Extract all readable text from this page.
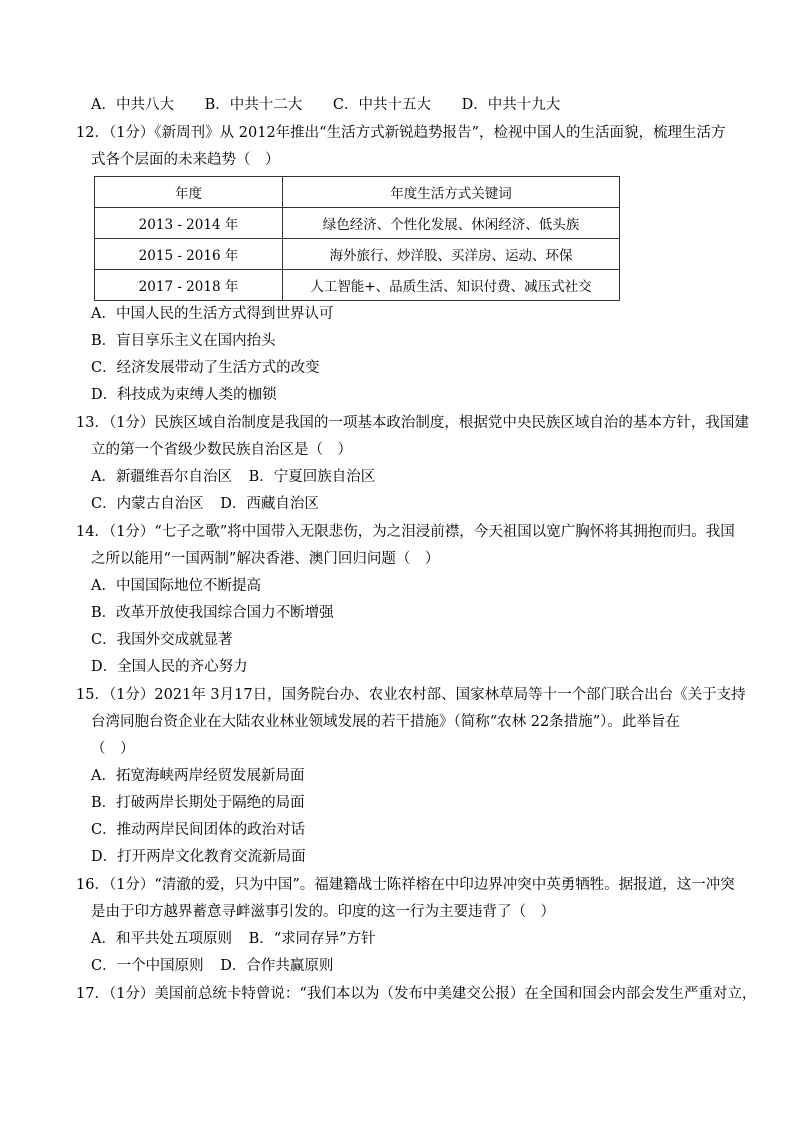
A．中共八大 B．中共十二大 C．中共十五大 D．中共十九大
12．（1分）《新周刊》从 2012年推出“生活方式新锐趋势报告”，检视中国人的生活面貌，梳理生活方
式各个层面的未来趋势（　）
年度	年度生活方式关键词
2013 - 2014 年	绿色经济、个性化发展、休闲经济、低头族
2015 - 2016 年	海外旅行、炒洋股、买洋房、运动、环保
2017 - 2018 年	人工智能+、品质生活、知识付费、减压式社交
A．中国人民的生活方式得到世界认可
B．盲目享乐主义在国内抬头
C．经济发展带动了生活方式的改变
D．科技成为束缚人类的枷锁
13．（1分）民族区域自治制度是我国的一项基本政治制度，根据党中央民族区域自治的基本方针，我国建
立的第一个省级少数民族自治区是（　）
A．新疆维吾尔自治区 B．宁夏回族自治区
C．内蒙古自治区 D．西藏自治区
14．（1分）“七子之歌”将中国带入无限悲伤，为之泪浸前襟，今天祖国以宽广胸怀将其拥抱而归。我国
之所以能用“一国两制”解决香港、澳门回归问题（　）
A．中国国际地位不断提高
B．改革开放使我国综合国力不断增强
C．我国外交成就显著
D．全国人民的齐心努力
15．（1分）2021年 3月17日，国务院台办、农业农村部、国家林草局等十一个部门联合出台《关于支持
台湾同胞台资企业在大陆农业林业领域发展的若干措施》（简称“农林 22条措施”）。此举旨在
（　）
A．拓宽海峡两岸经贸发展新局面
B．打破两岸长期处于隔绝的局面
C．推动两岸民间团体的政治对话
D．打开两岸文化教育交流新局面
16．（1分）“清澈的爱，只为中国”。福建籍战士陈祥榕在中印边界冲突中英勇牺牲。据报道，这一冲突
是由于印方越界蓄意寻衅滋事引发的。印度的这一行为主要违背了（　）
A．和平共处五项原则 B．“求同存异”方针
C．一个中国原则 D．合作共赢原则
17．（1分）美国前总统卡特曾说：“我们本以为（发布中美建交公报）在全国和国会内部会发生严重对立，
